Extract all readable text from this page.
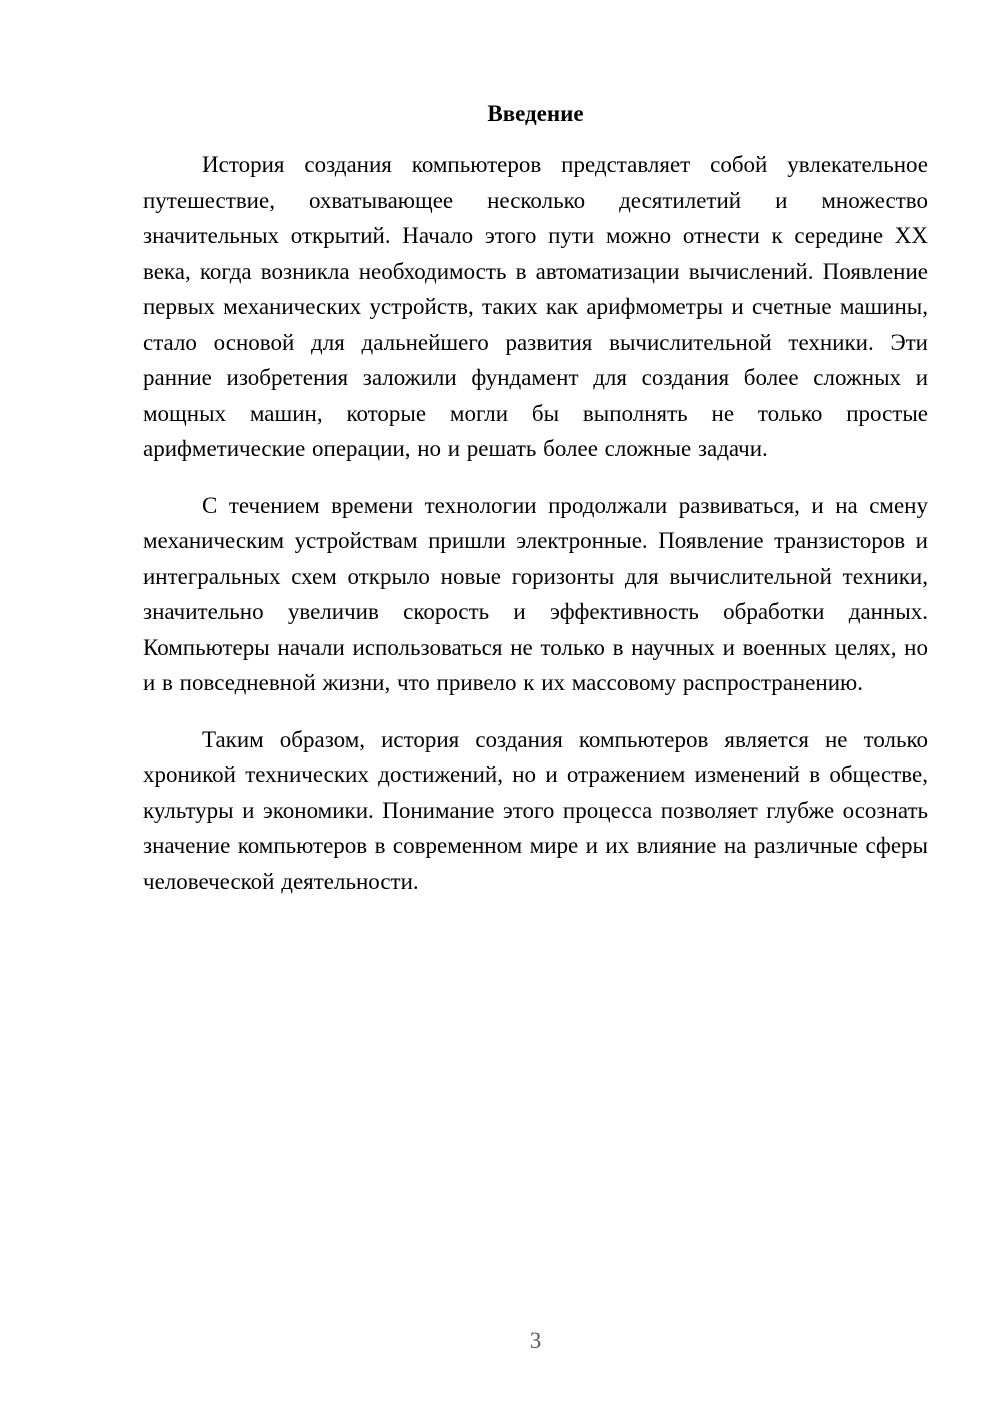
Введение

История создания компьютеров представляет собой увлекательное путешествие, охватывающее несколько десятилетий и множество значительных открытий. Начало этого пути можно отнести к середине XX века, когда возникла необходимость в автоматизации вычислений. Появление первых механических устройств, таких как арифмометры и счетные машины, стало основой для дальнейшего развития вычислительной техники. Эти ранние изобретения заложили фундамент для создания более сложных и мощных машин, которые могли бы выполнять не только простые арифметические операции, но и решать более сложные задачи.

С течением времени технологии продолжали развиваться, и на смену механическим устройствам пришли электронные. Появление транзисторов и интегральных схем открыло новые горизонты для вычислительной техники, значительно увеличив скорость и эффективность обработки данных. Компьютеры начали использоваться не только в научных и военных целях, но и в повседневной жизни, что привело к их массовому распространению.

Таким образом, история создания компьютеров является не только хроникой технических достижений, но и отражением изменений в обществе, культуры и экономики. Понимание этого процесса позволяет глубже осознать значение компьютеров в современном мире и их влияние на различные сферы человеческой деятельности.

3
